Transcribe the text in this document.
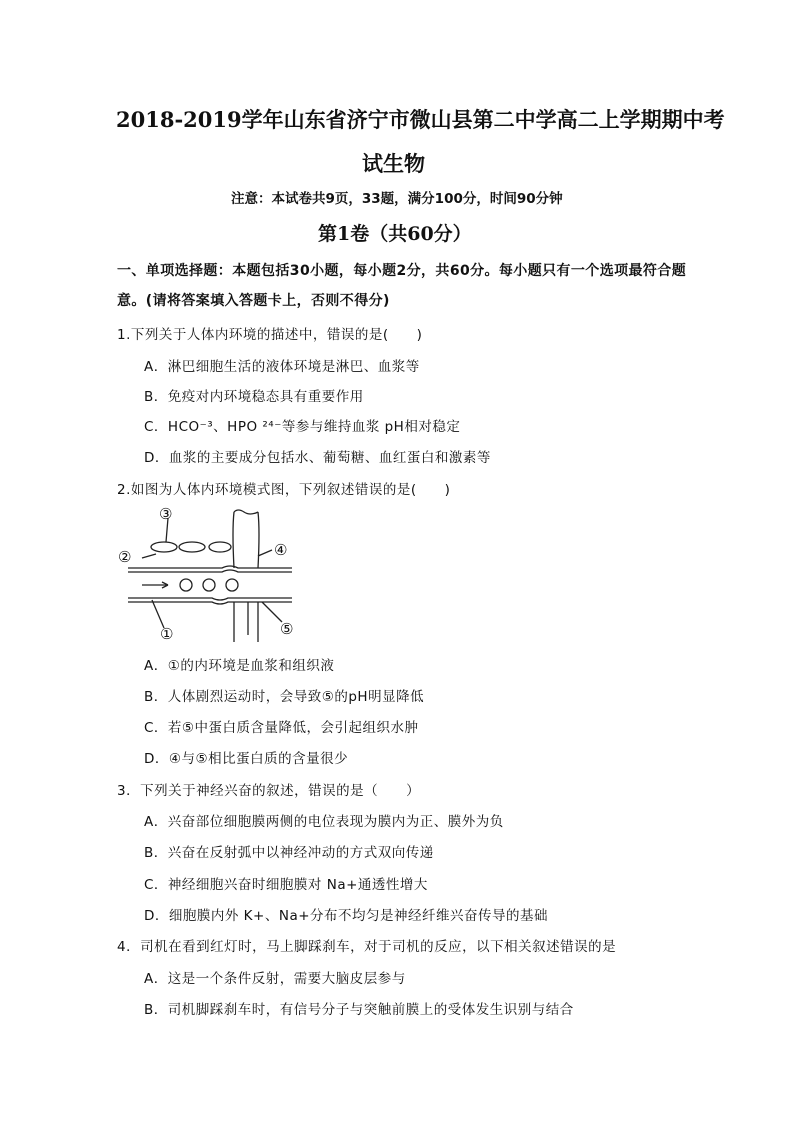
2018-2019学年山东省济宁市微山县第二中学高二上学期期中考
试生物
注意：本试卷共9页，33题，满分100分，时间90分钟
第1卷（共60分）
一、单项选择题：本题包括30小题，每小题2分，共60分。每小题只有一个选项最符合题
意。(请将答案填入答题卡上，否则不得分)
1.下列关于人体内环境的描述中，错误的是(　　)
A．淋巴细胞生活的液体环境是淋巴、血浆等
B．免疫对内环境稳态具有重要作用
C．HCO⁻³、HPO ²⁴⁻等参与维持血浆 pH相对稳定
D．血浆的主要成分包括水、葡萄糖、血红蛋白和激素等
2.如图为人体内环境模式图，下列叙述错误的是(　　)
③
②	④
①	⑤
A．①的内环境是血浆和组织液
B．人体剧烈运动时，会导致⑤的pH明显降低
C．若⑤中蛋白质含量降低，会引起组织水肿
D．④与⑤相比蛋白质的含量很少
3．下列关于神经兴奋的叙述，错误的是（　　）
A．兴奋部位细胞膜两侧的电位表现为膜内为正、膜外为负
B．兴奋在反射弧中以神经冲动的方式双向传递
C．神经细胞兴奋时细胞膜对 Na+通透性增大
D．细胞膜内外 K+、Na+分布不均匀是神经纤维兴奋传导的基础
4．司机在看到红灯时，马上脚踩刹车，对于司机的反应，以下相关叙述错误的是
A．这是一个条件反射，需要大脑皮层参与
B．司机脚踩刹车时，有信号分子与突触前膜上的受体发生识别与结合
